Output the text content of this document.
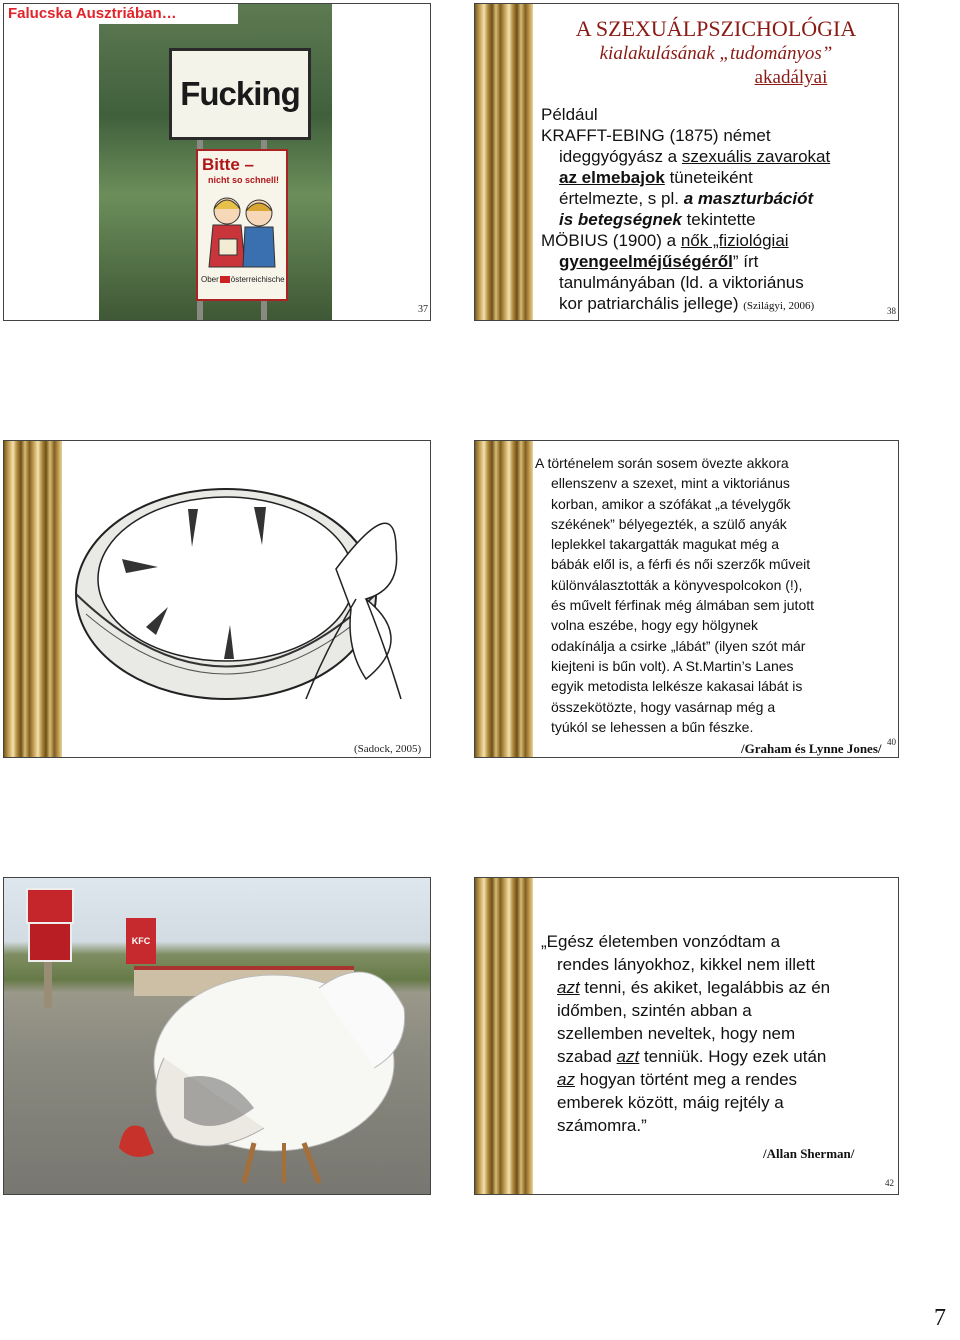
Fucking
Bitte –
nicht so schnell!
Ober österreichische
Falucska Ausztriában…
37
A SZEXUÁLPSZICHOLÓGIA
kialakulásának „tudományos”
akadályai
Például
KRAFFT-EBING (1875) német
ideggyógyász a szexuális zavarokat
az elmebajok tüneteiként
értelmezte, s pl. a maszturbációt
is betegségnek tekintette
MÖBIUS (1900) a nők „fiziológiai
gyengeelméjűségéről” írt
tanulmányában (ld. a viktoriánus
kor patriarchális jellege) (Szilágyi, 2006)	38
(Sadock, 2005)
A történelem során sosem övezte akkora
ellenszenv a szexet, mint a viktoriánus
korban, amikor a szófákat „a tévelygők
székének” bélyegezték, a szülő anyák
leplekkel takargatták magukat még a
bábák elől is, a férfi és női szerzők műveit
különválasztották a könyvespolcokon (!),
és művelt férfinak még álmában sem jutott
volna eszébe, hogy egy hölgynek
odakínálja a csirke „lábát” (ilyen szót már
kiejteni is bűn volt). A St.Martin’s Lanes
egyik metodista lelkésze kakasai lábát is
összekötözte, hogy vasárnap még a
tyúkól se lehessen a bűn fészke.
/Graham és Lynne Jones/ 40
KFC	„Egész életemben vonzódtam a
rendes lányokhoz, kikkel nem illett
azt tenni, és akiket, legalábbis az én
időmben, szintén abban a
szellemben neveltek, hogy nem
szabad azt tenniük. Hogy ezek után
az hogyan történt meg a rendes
emberek között, máig rejtély a
számomra.”
/Allan Sherman/
42
7
